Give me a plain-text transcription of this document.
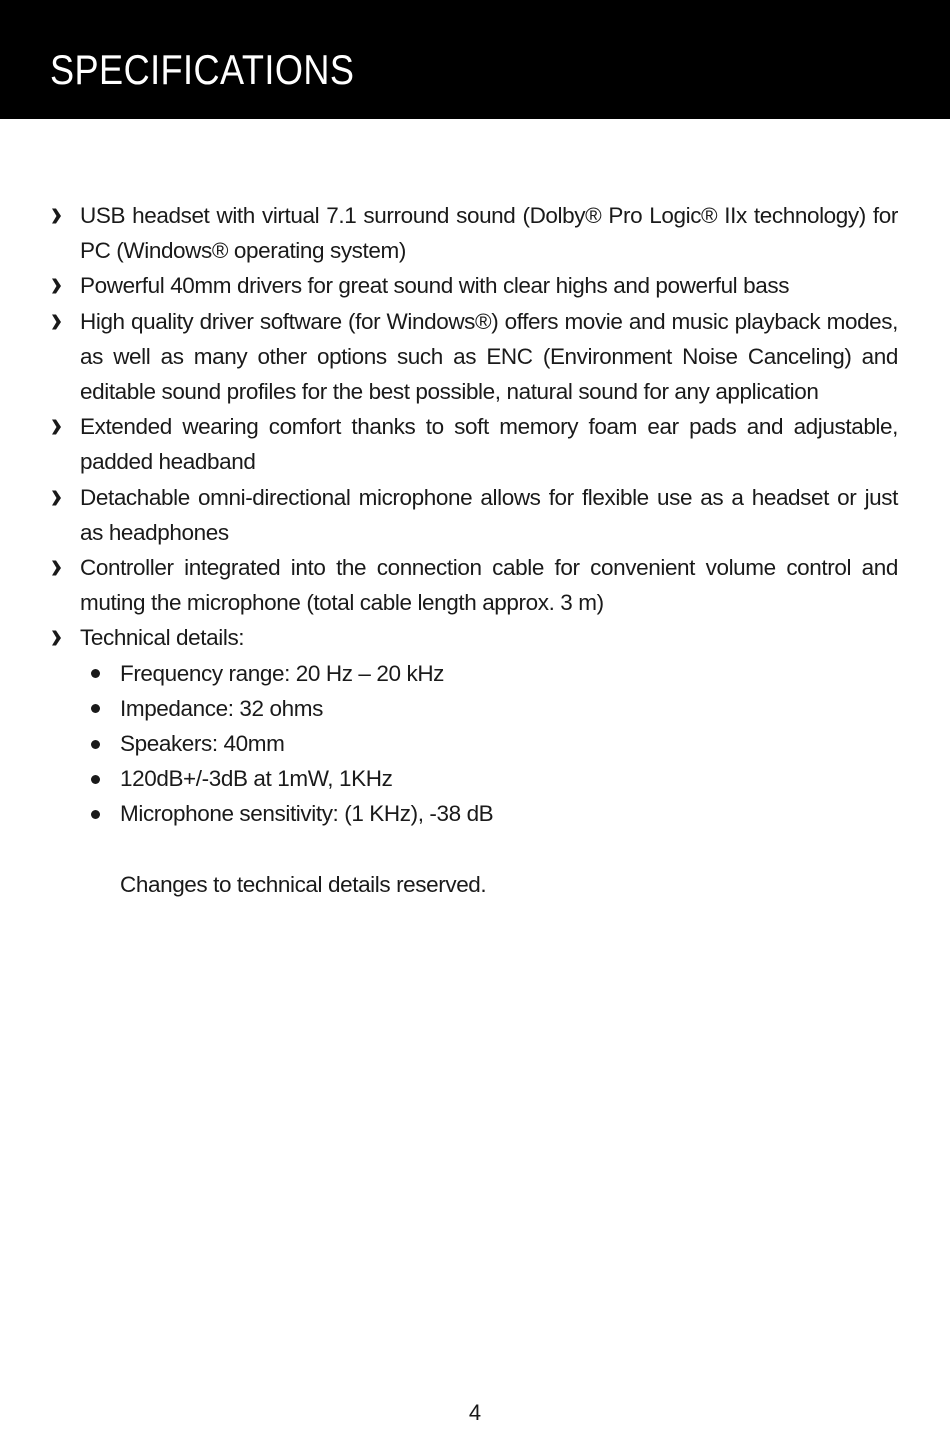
SPECIFICATIONS
USB headset with virtual 7.1 surround sound (Dolby® Pro Logic® IIx technology) for PC (Windows® operating system)
Powerful 40mm drivers for great sound with clear highs and powerful bass
High quality driver software (for Windows®) offers movie and music playback modes, as well as many other options such as ENC (Environment Noise Canceling) and editable sound profiles for the best possible, natural sound for any application
Extended wearing comfort thanks to soft memory foam ear pads and adjustable, padded headband
Detachable omni-directional microphone allows for flexible use as a headset or just as headphones
Controller integrated into the connection cable for convenient volume control and muting the microphone (total cable length approx. 3 m)
Technical details:
Frequency range: 20 Hz – 20 kHz
Impedance: 32 ohms
Speakers: 40mm
120dB+/-3dB at 1mW, 1KHz
Microphone sensitivity: (1 KHz), -38 dB

Changes to technical details reserved.

4
